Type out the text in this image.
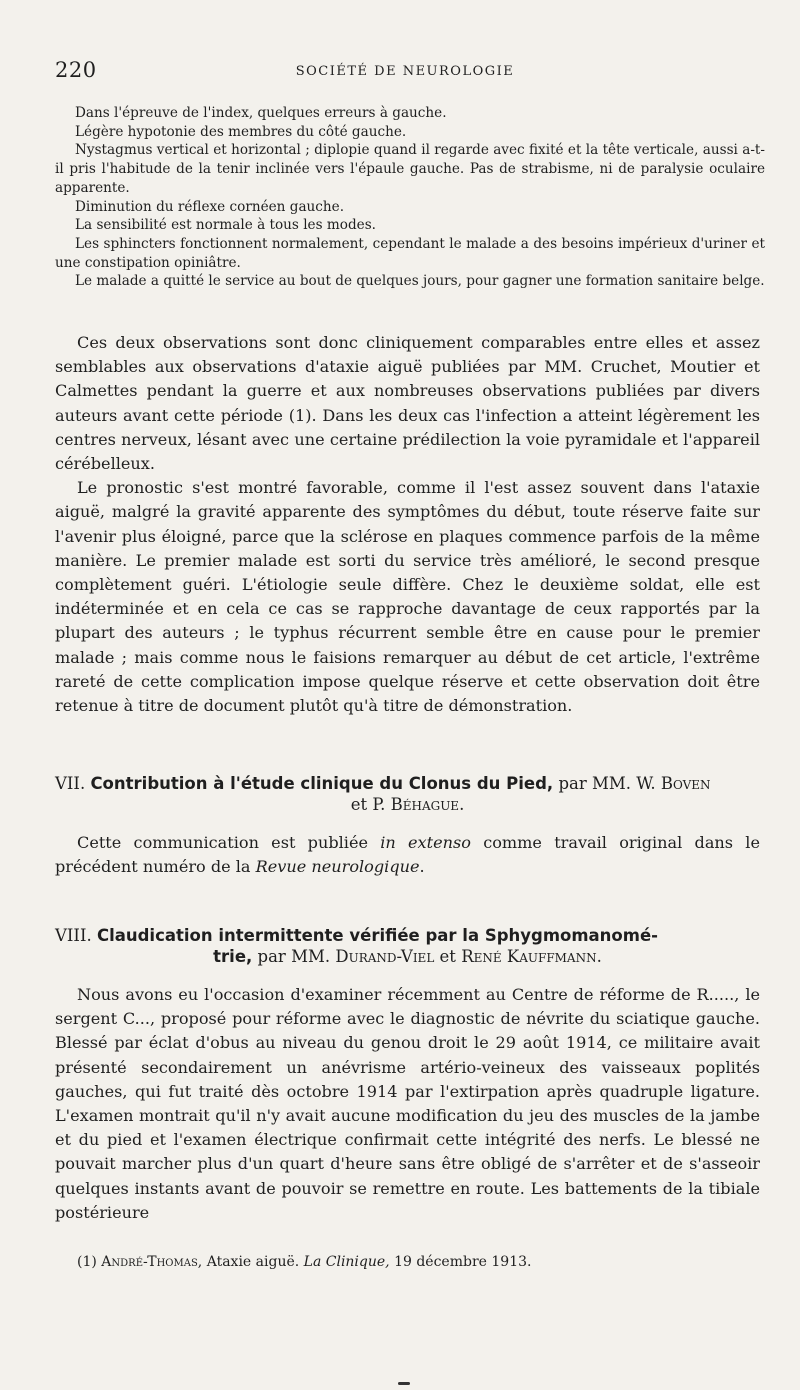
220	SOCIÉTÉ DE NEUROLOGIE

Dans l'épreuve de l'index, quelques erreurs à gauche.

Légère hypotonie des membres du côté gauche.

Nystagmus vertical et horizontal ; diplopie quand il regarde avec fixité et la tête verticale, aussi a-t-il pris l'habitude de la tenir inclinée vers l'épaule gauche. Pas de strabisme, ni de paralysie oculaire apparente.

Diminution du réflexe cornéen gauche.

La sensibilité est normale à tous les modes.

Les sphincters fonctionnent normalement, cependant le malade a des besoins impérieux d'uriner et une constipation opiniâtre.

Le malade a quitté le service au bout de quelques jours, pour gagner une formation sanitaire belge.

Ces deux observations sont donc cliniquement comparables entre elles et assez semblables aux observations d'ataxie aiguë publiées par MM. Cruchet, Moutier et Calmettes pendant la guerre et aux nombreuses observations publiées par divers auteurs avant cette période (1). Dans les deux cas l'infection a atteint légèrement les centres nerveux, lésant avec une certaine prédilection la voie pyramidale et l'appareil cérébelleux.

Le pronostic s'est montré favorable, comme il l'est assez souvent dans l'ataxie aiguë, malgré la gravité apparente des symptômes du début, toute réserve faite sur l'avenir plus éloigné, parce que la sclérose en plaques commence parfois de la même manière. Le premier malade est sorti du service très amélioré, le second presque complètement guéri. L'étiologie seule diffère. Chez le deuxième soldat, elle est indéterminée et en cela ce cas se rapproche davantage de ceux rapportés par la plupart des auteurs ; le typhus récurrent semble être en cause pour le premier malade ; mais comme nous le faisions remarquer au début de cet article, l'extrême rareté de cette complication impose quelque réserve et cette observation doit être retenue à titre de document plutôt qu'à titre de démonstration.

VII. Contribution à l'étude clinique du Clonus du Pied, par MM. W. Boven
et P. Béhague.

Cette communication est publiée in extenso comme travail original dans le précédent numéro de la Revue neurologique.

VIII. Claudication intermittente vérifiée par la Sphygmomanomé-
trie, par MM. Durand-Viel et René Kauffmann.

Nous avons eu l'occasion d'examiner récemment au Centre de réforme de R....., le sergent C..., proposé pour réforme avec le diagnostic de névrite du sciatique gauche. Blessé par éclat d'obus au niveau du genou droit le 29 août 1914, ce militaire avait présenté secondairement un anévrisme artério-veineux des vaisseaux poplités gauches, qui fut traité dès octobre 1914 par l'extirpation après quadruple ligature. L'examen montrait qu'il n'y avait aucune modification du jeu des muscles de la jambe et du pied et l'examen électrique confirmait cette intégrité des nerfs. Le blessé ne pouvait marcher plus d'un quart d'heure sans être obligé de s'arrêter et de s'asseoir quelques instants avant de pouvoir se remettre en route. Les battements de la tibiale postérieure

(1) André-Thomas, Ataxie aiguë. La Clinique, 19 décembre 1913.
